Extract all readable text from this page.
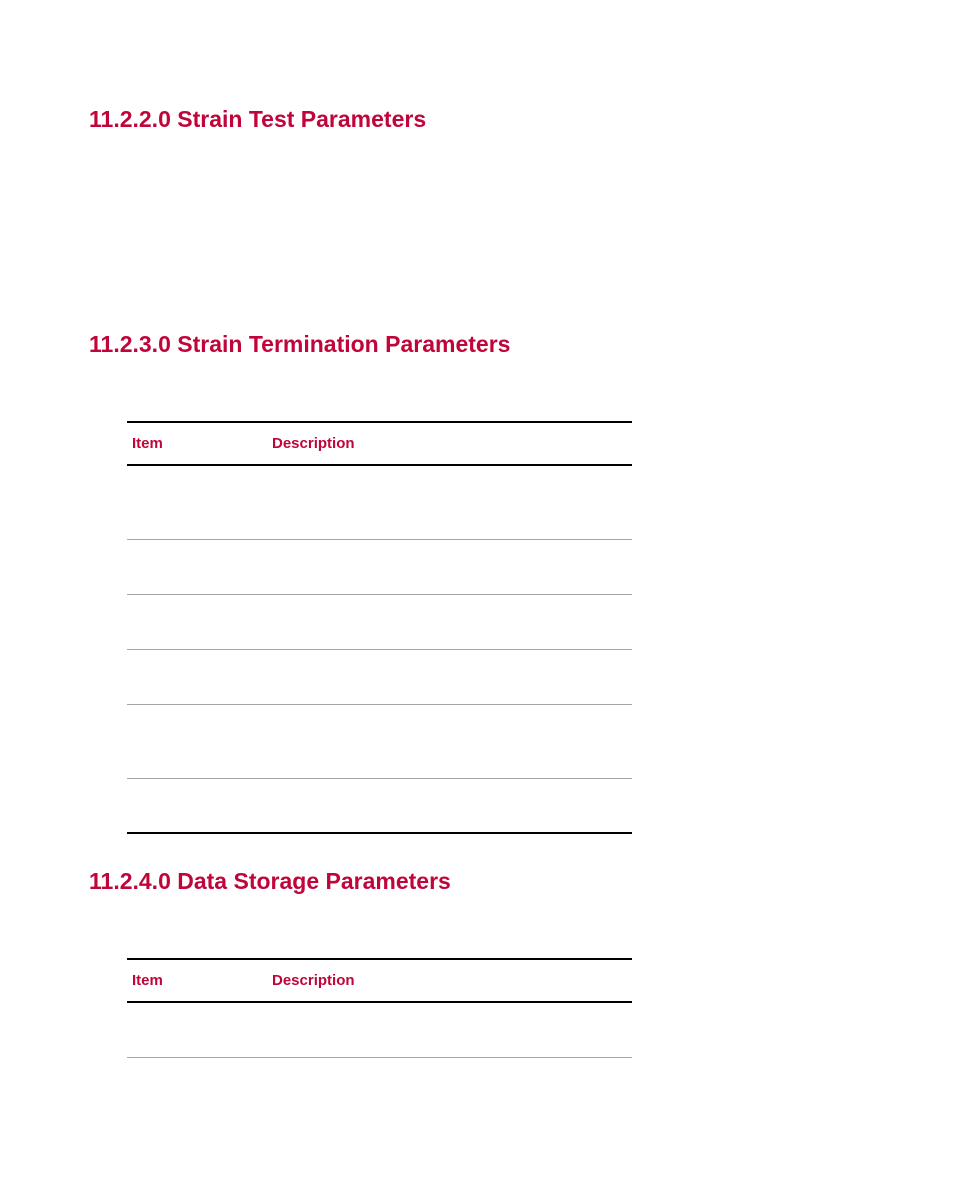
11.2.2.0 Strain Test Parameters
11.2.3.0 Strain Termination Parameters
Item	Description
11.2.4.0 Data Storage Parameters
Item	Description
